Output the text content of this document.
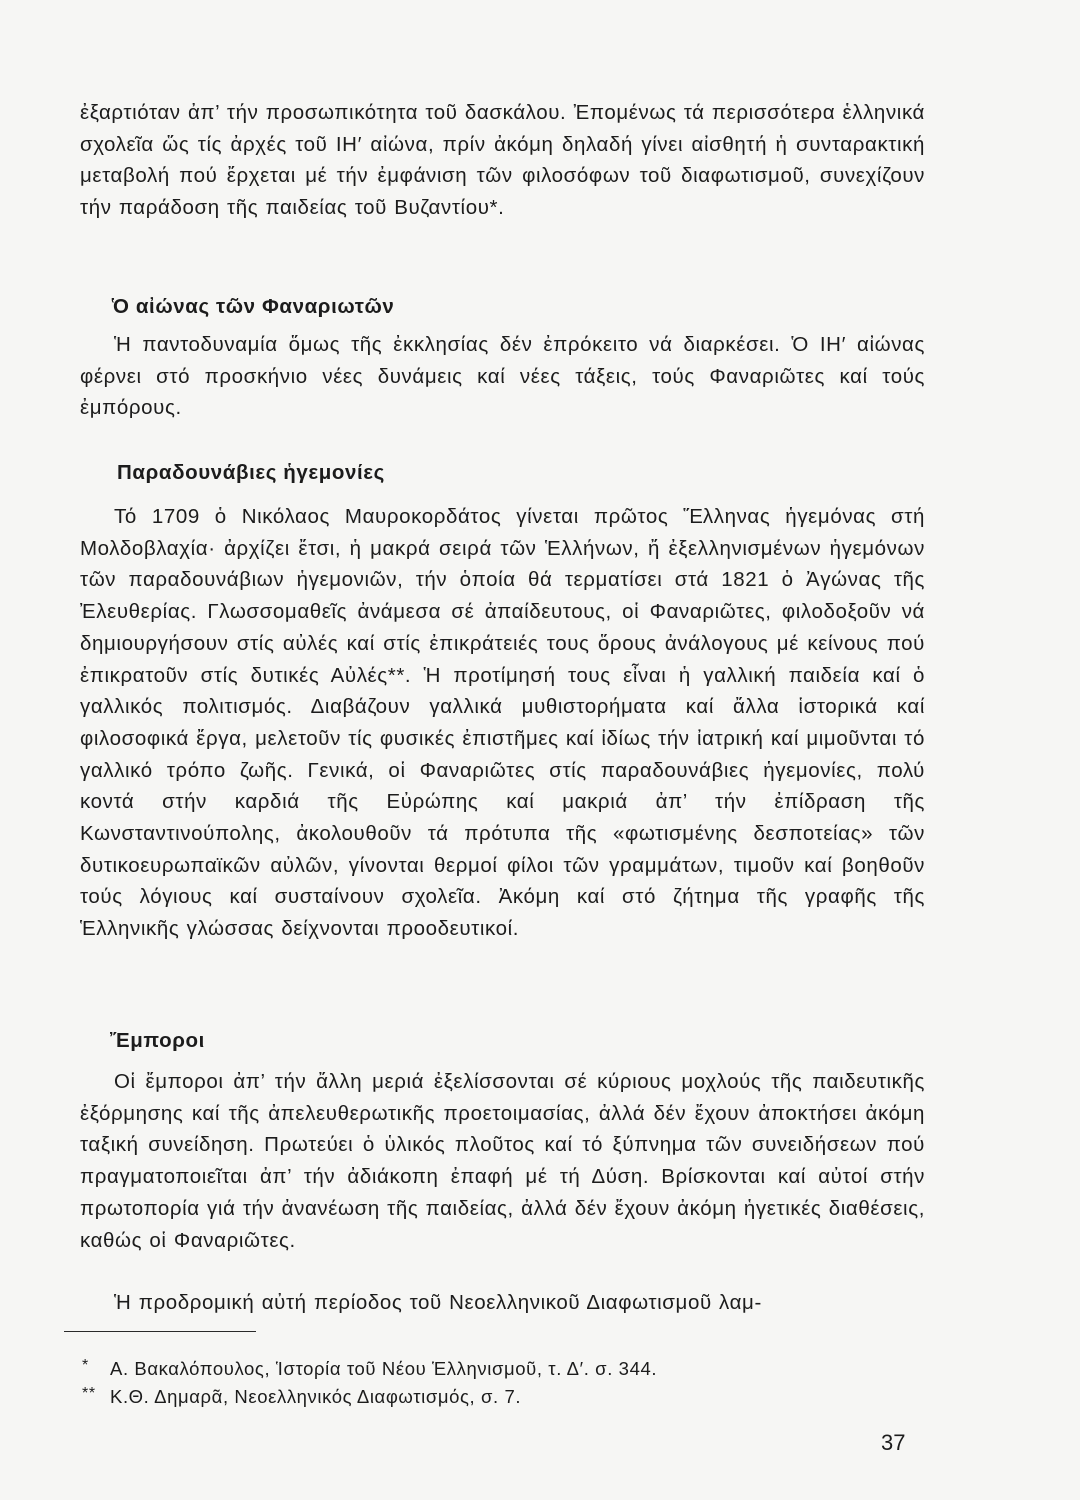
ἐξαρτιόταν ἀπ’ τήν προσωπικότητα τοῦ δασκάλου. Ἐπομένως τά περισσότερα ἑλληνικά σχολεῖα ὥς τίς ἀρχές τοῦ ΙΗ′ αἰώνα, πρίν ἀκόμη δηλαδή γίνει αἰσθητή ἡ συνταρακτική μεταβολή πού ἔρχεται μέ τήν ἐμφάνιση τῶν φιλοσόφων τοῦ διαφωτισμοῦ, συνεχίζουν τήν παράδοση τῆς παιδείας τοῦ Βυζαντίου*.

Ὁ αἰώνας τῶν Φαναριωτῶν

Ἡ παντοδυναμία ὅμως τῆς ἐκκλησίας δέν ἐπρόκειτο νά διαρκέσει. Ὁ ΙΗ′ αἰώνας φέρνει στό προσκήνιο νέες δυνάμεις καί νέες τάξεις, τούς Φαναριῶτες καί τούς ἐμπόρους.

Παραδουνάβιες ἡγεμονίες

Τό 1709 ὁ Νικόλαος Μαυροκορδάτος γίνεται πρῶτος Ἕλληνας ἡγεμόνας στή Μολδοβλαχία· ἀρχίζει ἔτσι, ἡ μακρά σειρά τῶν Ἑλλήνων, ἤ ἐξελληνισμένων ἡγεμόνων τῶν παραδουνάβιων ἡγεμονιῶν, τήν ὁποία θά τερματίσει στά 1821 ὁ Ἀγώνας τῆς Ἐλευθερίας. Γλωσσομαθεῖς ἀνάμεσα σέ ἀπαίδευτους, οἱ Φαναριῶτες, φιλοδοξοῦν νά δημιουργήσουν στίς αὐλές καί στίς ἐπικράτειές τους ὅρους ἀνάλογους μέ κείνους πού ἐπικρατοῦν στίς δυτικές Αὐλές**. Ἡ προτίμησή τους εἶναι ἡ γαλλική παιδεία καί ὁ γαλλικός πολιτισμός. Διαβάζουν γαλλικά μυθιστορήματα καί ἄλλα ἱστορικά καί φιλοσοφικά ἔργα, μελετοῦν τίς φυσικές ἐπιστῆμες καί ἰδίως τήν ἰατρική καί μιμοῦνται τό γαλλικό τρόπο ζωῆς. Γενικά, οἱ Φαναριῶτες στίς παραδουνάβιες ἡγεμονίες, πολύ κοντά στήν καρδιά τῆς Εὐρώπης καί μακριά ἀπ’ τήν ἐπίδραση τῆς Κωνσταντινούπολης, ἀκολουθοῦν τά πρότυπα τῆς «φωτισμένης δεσποτείας» τῶν δυτικοευρωπαϊκῶν αὐλῶν, γίνονται θερμοί φίλοι τῶν γραμμάτων, τιμοῦν καί βοηθοῦν τούς λόγιους καί συσταίνουν σχολεῖα. Ἀκόμη καί στό ζήτημα τῆς γραφῆς τῆς Ἑλληνικῆς γλώσσας δείχνονται προοδευτικοί.

Ἔμποροι

Οἱ ἔμποροι ἀπ’ τήν ἄλλη μεριά ἐξελίσσονται σέ κύριους μοχλούς τῆς παιδευτικῆς ἐξόρμησης καί τῆς ἀπελευθερωτικῆς προετοιμασίας, ἀλλά δέν ἔχουν ἀποκτήσει ἀκόμη ταξική συνείδηση. Πρωτεύει ὁ ὑλικός πλοῦτος καί τό ξύπνημα τῶν συνειδήσεων πού πραγματοποιεῖται ἀπ’ τήν ἀδιάκοπη ἐπαφή μέ τή Δύση. Βρίσκονται καί αὐτοί στήν πρωτοπορία γιά τήν ἀνανέωση τῆς παιδείας, ἀλλά δέν ἔχουν ἀκόμη ἡγετικές διαθέσεις, καθώς οἱ Φαναριῶτες.

Ἡ προδρομική αὐτή περίοδος τοῦ Νεοελληνικοῦ Διαφωτισμοῦ λαμ-

* Α. Βακαλόπουλος, Ἱστορία τοῦ Νέου Ἑλληνισμοῦ, τ. Δ′. σ. 344.

** Κ.Θ. Δημαρᾶ, Νεοελληνικός Διαφωτισμός, σ. 7.

37
